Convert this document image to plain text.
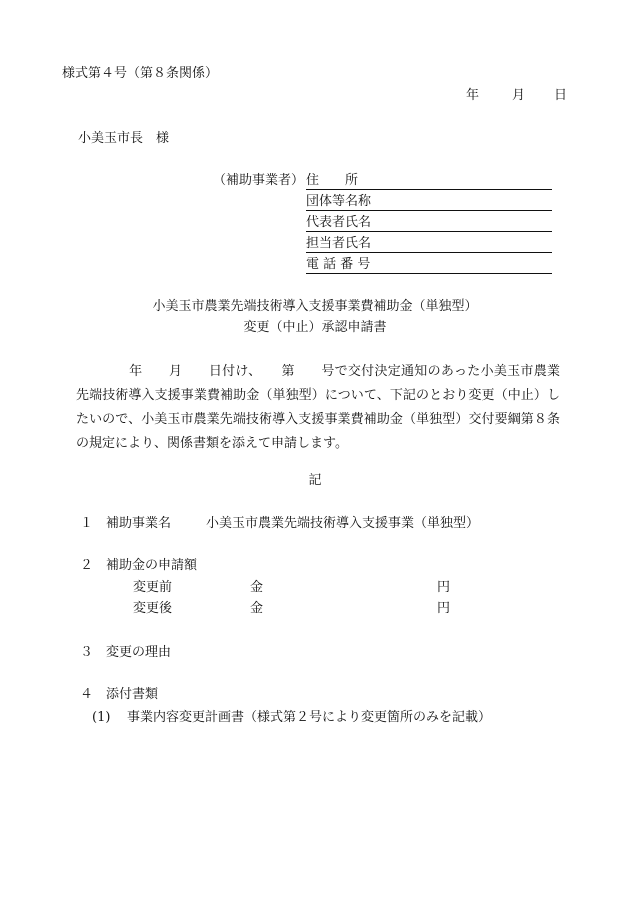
様式第４号（第８条関係）
年	月 日
小美玉市長　様
（補助事業者） 住　　所
団体等名称
代表者氏名
担当者氏名
電 話 番 号
小美玉市農業先端技術導入支援事業費補助金（単独型）
変更（中止）承認申請書
　　　　年　　月　　日付け、　　第　　号で交付決定通知のあった小美玉市農業先端技術導入支援事業費補助金（単独型）について、下記のとおり変更（中止）したいので、小美玉市農業先端技術導入支援事業費補助金（単独型）交付要綱第８条の規定により、関係書類を添えて申請します。
記
１ 補助事業名	小美玉市農業先端技術導入支援事業（単独型）
２ 補助金の申請額
変更前	金	円
変更後	金	円
３ 変更の理由
４ 添付書類
(1) 事業内容変更計画書（様式第２号により変更箇所のみを記載）
